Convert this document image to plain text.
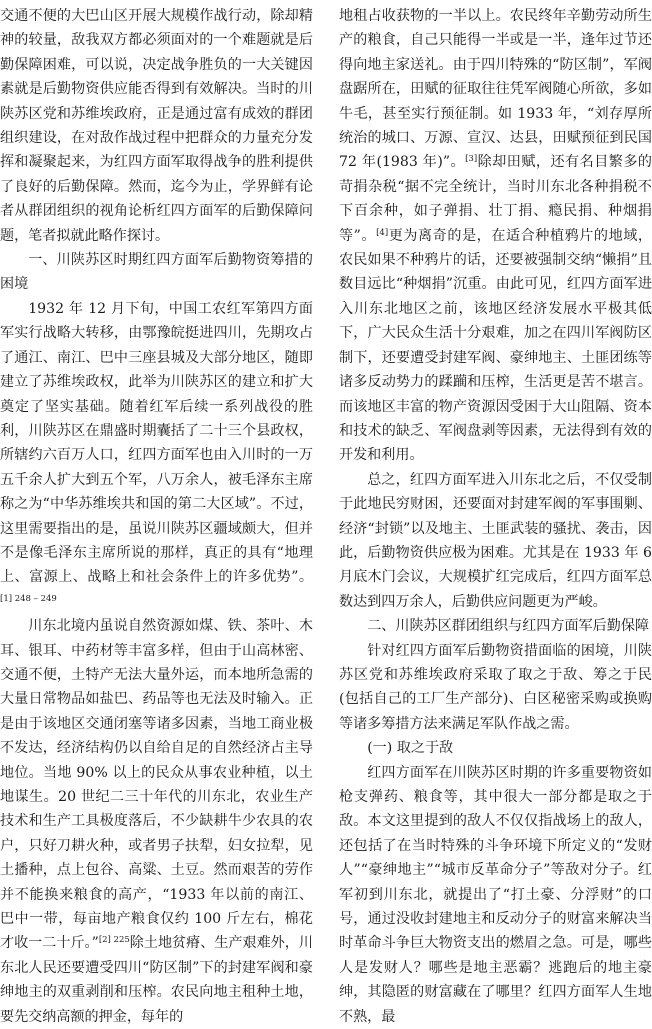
交通不便的大巴山区开展大规模作战行动，除却精神的较量，敌我双方都必须面对的一个难题就是后勤保障困难，可以说，决定战争胜负的一大关键因素就是后勤物资供应能否得到有效解决。当时的川陕苏区党和苏维埃政府，正是通过富有成效的群团组织建设，在对敌作战过程中把群众的力量充分发挥和凝聚起来，为红四方面军取得战争的胜利提供了良好的后勤保障。然而，迄今为止，学界鲜有论者从群团组织的视角论析红四方面军的后勤保障问题，笔者拟就此略作探讨。

一、川陕苏区时期红四方面军后勤物资筹措的困境

1932 年 12 月下旬，中国工农红军第四方面军实行战略大转移，由鄂豫皖挺进四川，先期攻占了通江、南江、巴中三座县城及大部分地区，随即建立了苏维埃政权，此举为川陕苏区的建立和扩大奠定了坚实基础。随着红军后续一系列战役的胜利，川陕苏区在鼎盛时期囊括了二十三个县政权，所辖约六百万人口，红四方面军也由入川时的一万五千余人扩大到五个军，八万余人，被毛泽东主席称之为“中华苏维埃共和国的第二大区域”。不过，这里需要指出的是，虽说川陕苏区疆域颇大，但并不是像毛泽东主席所说的那样，真正的具有“地理上、富源上、战略上和社会条件上的许多优势”。$^{[1] 248 - 249}$

川东北境内虽说自然资源如煤、铁、茶叶、木耳、银耳、中药材等丰富多样，但由于山高林密、交通不便，土特产无法大量外运，而本地所急需的大量日常物品如盐巴、药品等也无法及时输入。正是由于该地区交通闭塞等诸多因素，当地工商业极不发达，经济结构仍以自给自足的自然经济占主导地位。当地 90% 以上的民众从事农业种植，以土地谋生。20 世纪二三十年代的川东北，农业生产技术和生产工具极度落后，不少缺耕牛少农具的农户，只好刀耕火种，或者男子扶犁，妇女拉犁，见土播种，点上包谷、高粱、土豆。然而艰苦的劳作并不能换来粮食的高产，“1933 年以前的南江、巴中一带，每亩地产粮食仅约 100 斤左右，棉花才收一二十斤。”$^{[2] 225}$除土地贫瘠、生产艰难外，川东北人民还要遭受四川“防区制”下的封建军阀和豪绅地主的双重剥削和压榨。农民向地主租种土地，要先交纳高额的押金，每年的

地租占收获物的一半以上。农民终年辛勤劳动所生产的粮食，自己只能得一半或是一半，逢年过节还得向地主家送礼。由于四川特殊的“防区制”，军阀盘踞所在，田赋的征取往往凭军阀随心所欲，多如牛毛，甚至实行预征制。如 1933 年，“刘存厚所统治的城口、万源、宣汉、达县，田赋预征到民国 72 年(1983 年)”。[3]除却田赋，还有名目繁多的苛捐杂税“据不完全统计，当时川东北各种捐税不下百余种，如子弹捐、壮丁捐、瘾民捐、种烟捐等”。[4]更为离奇的是，在适合种植鸦片的地域，农民如果不种鸦片的话，还要被强制交纳“懒捐”且数目远比“种烟捐”沉重。由此可见，红四方面军进入川东北地区之前，该地区经济发展水平极其低下，广大民众生活十分艰难，加之在四川军阀防区制下，还要遭受封建军阀、豪绅地主、土匪团练等诸多反动势力的蹂躏和压榨，生活更是苦不堪言。而该地区丰富的物产资源因受困于大山阻隔、资本和技术的缺乏、军阀盘剥等因素，无法得到有效的开发和利用。

总之，红四方面军进入川东北之后，不仅受制于此地民穷财困，还要面对封建军阀的军事围剿、经济“封锁”以及地主、土匪武装的骚扰、袭击，因此，后勤物资供应极为困难。尤其是在 1933 年 6 月底木门会议，大规模扩红完成后，红四方面军总数达到四万余人，后勤供应问题更为严峻。

二、川陕苏区群团组织与红四方面军后勤保障

针对红四方面军后勤物资措面临的困境，川陕苏区党和苏维埃政府采取了取之于敌、筹之于民(包括自己的工厂生产部分)、白区秘密采购或换购等诸多筹措方法来满足军队作战之需。

(一) 取之于敌

红四方面军在川陕苏区时期的许多重要物资如枪支弹药、粮食等，其中很大一部分都是取之于敌。本文这里提到的敌人不仅仅指战场上的敌人，还包括了在当时特殊的斗争环境下所定义的“发财人”“豪绅地主”“城市反革命分子”等敌对分子。红军初到川东北，就提出了“打土豪、分浮财”的口号，通过没收封建地主和反动分子的财富来解决当时革命斗争巨大物资支出的燃眉之急。可是，哪些人是发财人？哪些是地主恶霸？逃跑后的地主豪绅，其隐匿的财富藏在了哪里？红四方面军人生地不熟，最
